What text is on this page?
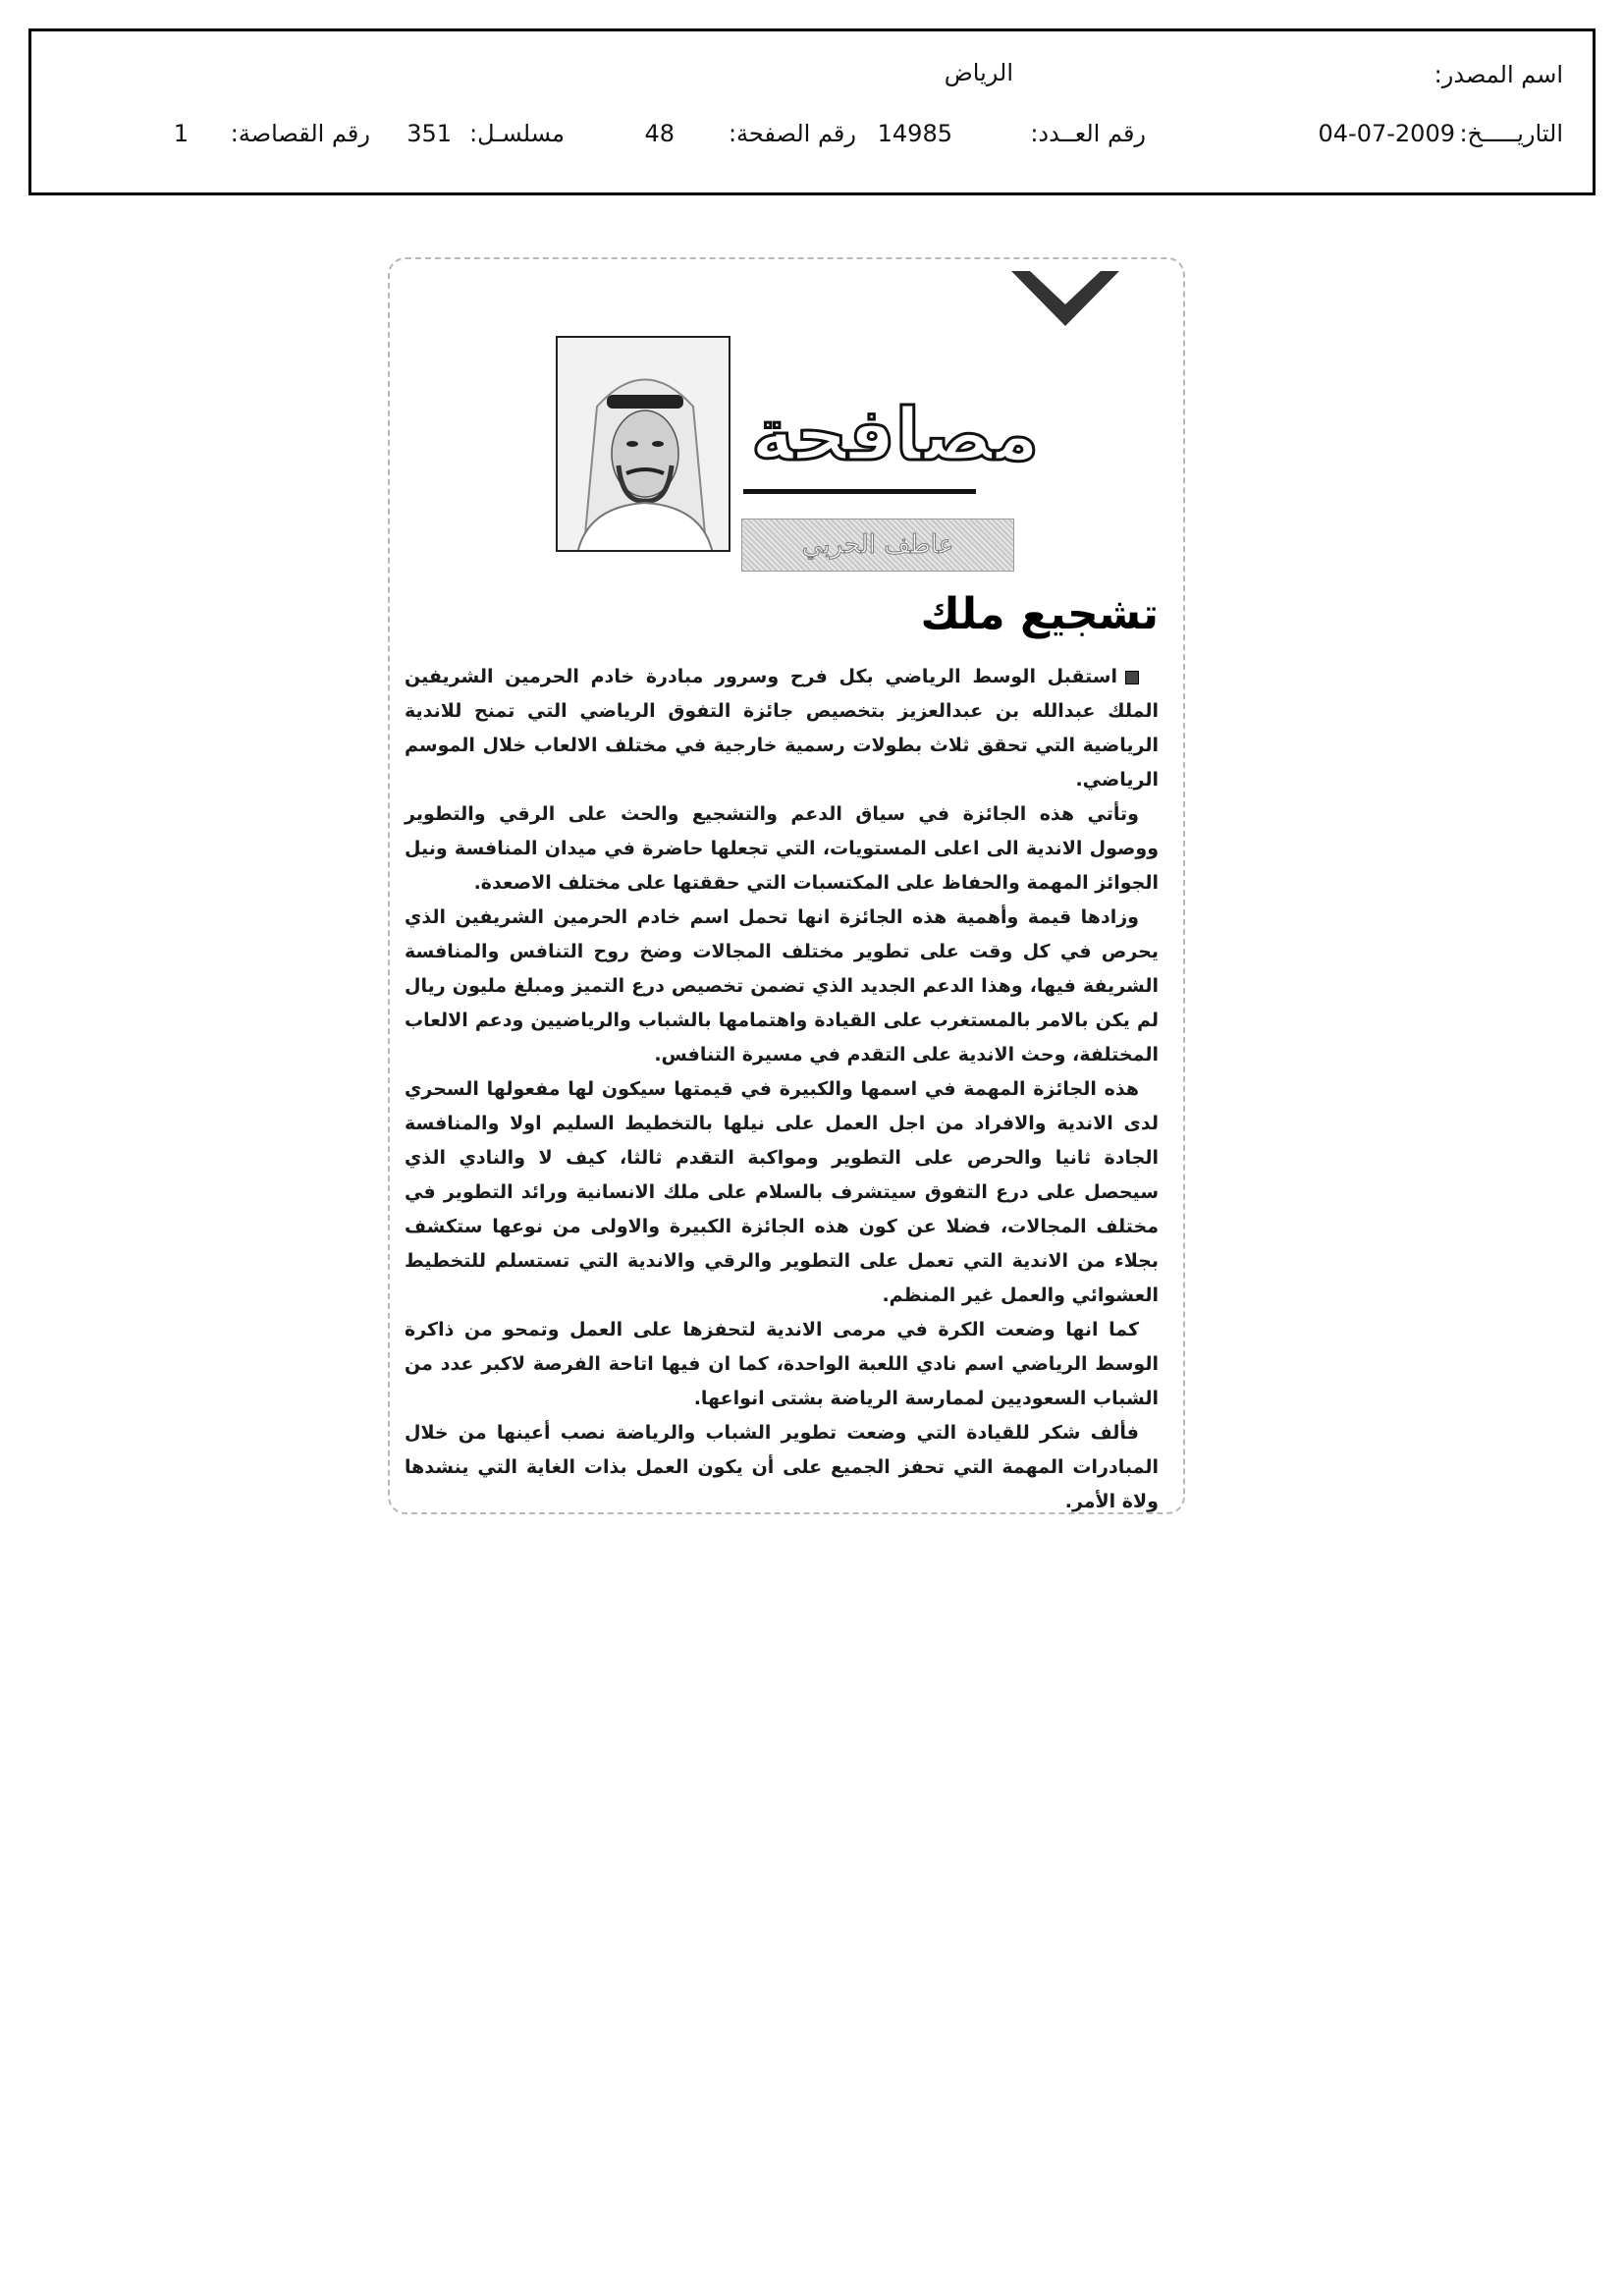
اسم المصدر:
الرياض
التاريـــــخ:
04-07-2009
رقم العــدد:
14985
رقم الصفحة:
48
مسلسـل:
351
رقم القصاصة:
1
مصافحة
عاطف الحربي
تشجيع ملك

استقبل الوسط الرياضي بكل فرح وسرور مبادرة خادم الحرمين الشريفين الملك عبدالله بن عبدالعزيز بتخصيص جائزة التفوق الرياضي التي تمنح للاندية الرياضية التي تحقق ثلاث بطولات رسمية خارجية في مختلف الالعاب خلال الموسم الرياضي.

وتأتي هذه الجائزة في سياق الدعم والتشجيع والحث على الرقي والتطوير ووصول الاندية الى اعلى المستويات، التي تجعلها حاضرة في ميدان المنافسة ونيل الجوائز المهمة والحفاظ على المكتسبات التي حققتها على مختلف الاصعدة.

وزادها قيمة وأهمية هذه الجائزة انها تحمل اسم خادم الحرمين الشريفين الذي يحرص في كل وقت على تطوير مختلف المجالات وضخ روح التنافس والمنافسة الشريفة فيها، وهذا الدعم الجديد الذي تضمن تخصيص درع التميز ومبلغ مليون ريال لم يكن بالامر بالمستغرب على القيادة واهتمامها بالشباب والرياضيين ودعم الالعاب المختلفة، وحث الاندية على التقدم في مسيرة التنافس.

هذه الجائزة المهمة في اسمها والكبيرة في قيمتها سيكون لها مفعولها السحري لدى الاندية والافراد من اجل العمل على نيلها بالتخطيط السليم اولا والمنافسة الجادة ثانيا والحرص على التطوير ومواكبة التقدم ثالثا، كيف لا والنادي الذي سيحصل على درع التفوق سيتشرف بالسلام على ملك الانسانية ورائد التطوير في مختلف المجالات، فضلا عن كون هذه الجائزة الكبيرة والاولى من نوعها ستكشف بجلاء من الاندية التي تعمل على التطوير والرقي والاندية التي تستسلم للتخطيط العشوائي والعمل غير المنظم.

كما انها وضعت الكرة في مرمى الاندية لتحفزها على العمل وتمحو من ذاكرة الوسط الرياضي اسم نادي اللعبة الواحدة، كما ان فيها اتاحة الفرصة لاكبر عدد من الشباب السعوديين لممارسة الرياضة بشتى انواعها.

فألف شكر للقيادة التي وضعت تطوير الشباب والرياضة نصب أعينها من خلال المبادرات المهمة التي تحفز الجميع على أن يكون العمل بذات الغاية التي ينشدها ولاة الأمر.
